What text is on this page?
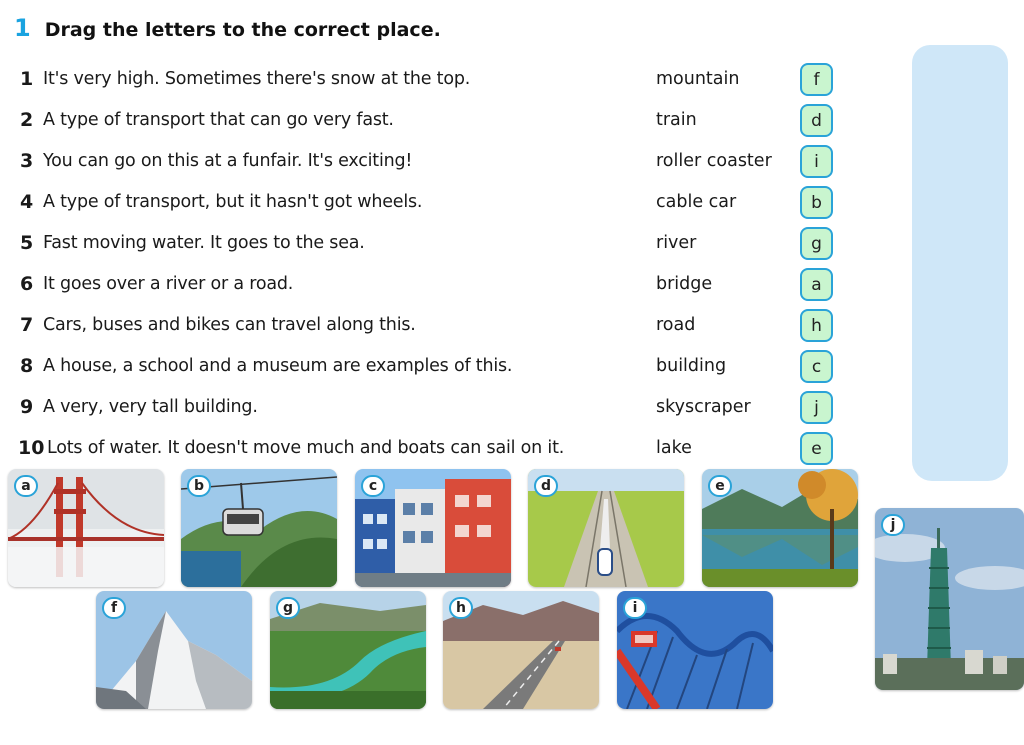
1 Drag the letters to the correct place.
1 It's very high. Sometimes there's snow at the top.	mountain	f
2 A type of transport that can go very fast.	train	d
3 You can go on this at a funfair. It's exciting!	roller coaster	i
4 A type of transport, but it hasn't got wheels.	cable car	b
5 Fast moving water. It goes to the sea.	river	g
6 It goes over a river or a road.	bridge	a
7 Cars, buses and bikes can travel along this.	road	h
8 A house, a school and a museum are examples of this.	building	c
9 A very, very tall building.	skyscraper	j
10 Lots of water. It doesn't move much and boats can sail on it.	lake	e
a	b	c	d	e
j
f	g	h	i
